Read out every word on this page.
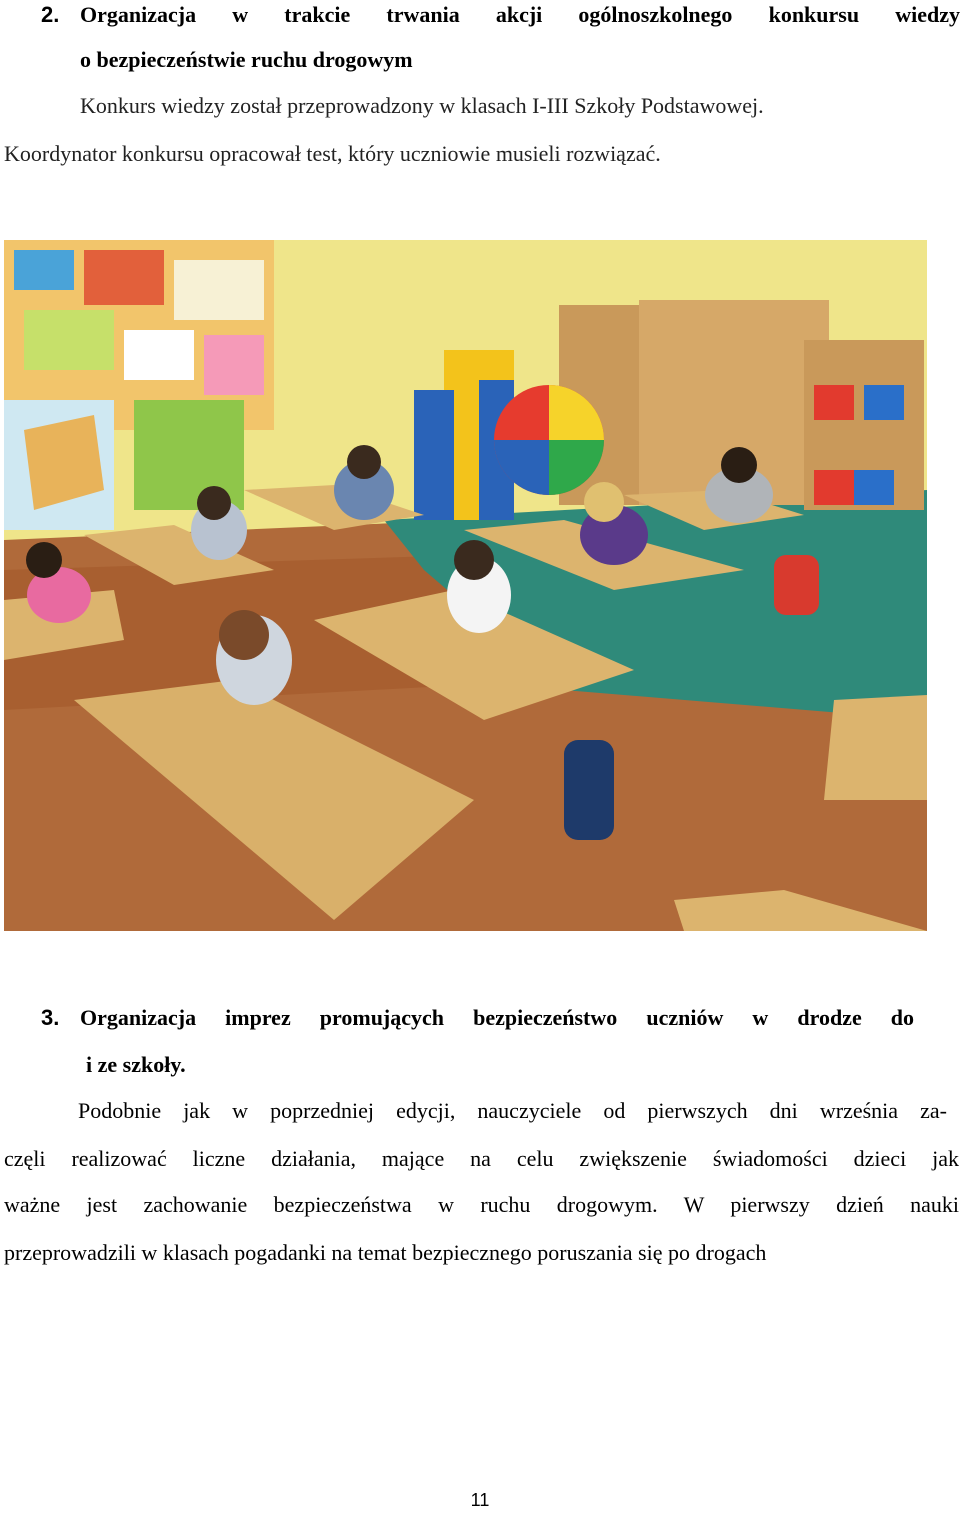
2. Organizacja w trakcie trwania akcji ogólnoszkolnego konkursu wiedzy
o bezpieczeństwie ruchu drogowym
Konkurs wiedzy został przeprowadzony w klasach I-III Szkoły Podstawowej.
Koordynator konkursu opracował test, który uczniowie musieli rozwiązać.
3. Organizacja imprez promujących bezpieczeństwo uczniów w drodze do
i ze szkoły.
Podobnie jak w poprzedniej edycji, nauczyciele od pierwszych dni września za-
częli realizować liczne działania, mające na celu zwiększenie świadomości dzieci jak
ważne jest zachowanie bezpieczeństwa w ruchu drogowym. W pierwszy dzień nauki
przeprowadzili w klasach pogadanki na temat bezpiecznego poruszania się po drogach
11
